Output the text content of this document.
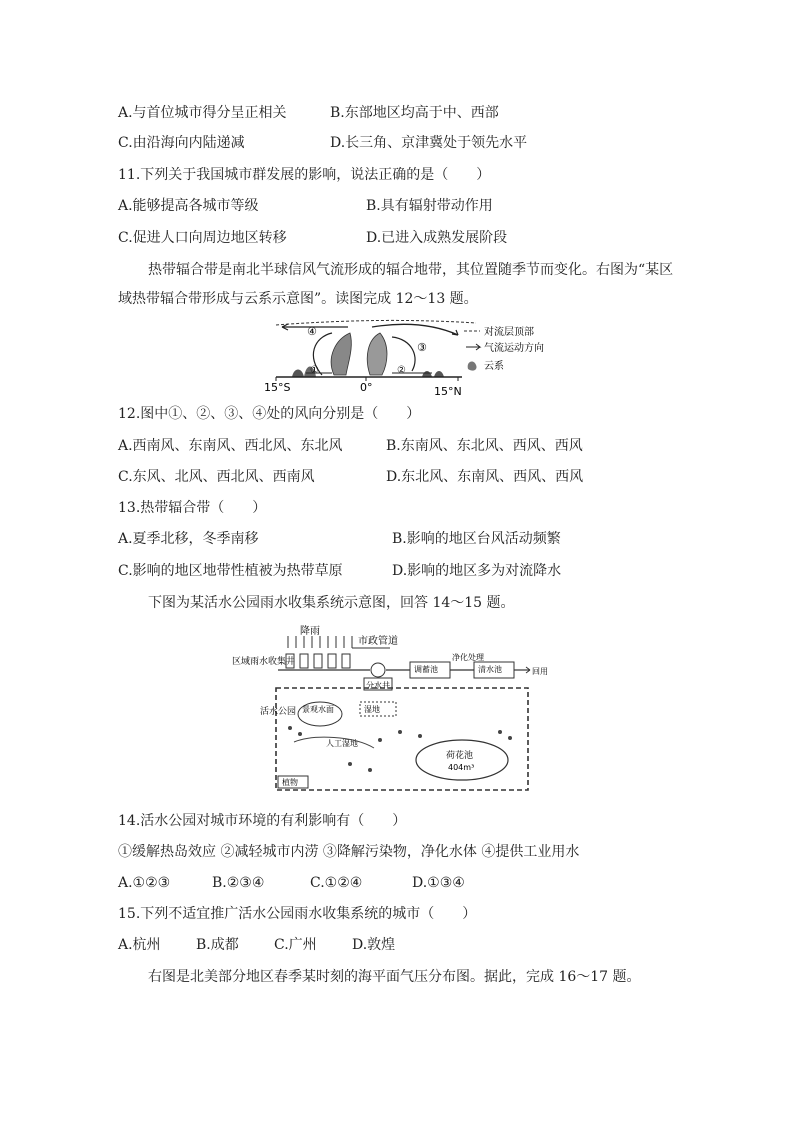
A.与首位城市得分呈正相关	B.东部地区均高于中、西部
C.由沿海向内陆递减	D.长三角、京津冀处于领先水平
11.下列关于我国城市群发展的影响，说法正确的是（　　）
A.能够提高各城市等级	B.具有辐射带动作用
C.促进人口向周边地区转移	D.已进入成熟发展阶段
热带辐合带是南北半球信风气流形成的辐合地带，其位置随季节而变化。右图为“某区
域热带辐合带形成与云系示意图”。读图完成 12～13 题。
④
①	②
③
15°S	0°	15°N
对流层顶部
气流运动方向
云系
12.图中①、②、③、④处的风向分别是（　　）
A.西南风、东南风、西北风、东北风	B.东南风、东北风、西风、西风
C.东风、北风、西北风、西南风	D.东北风、东南风、西风、西风
13.热带辐合带（　　）
A.夏季北移，冬季南移	B.影响的地区台风活动频繁
C.影响的地区地带性植被为热带草原	D.影响的地区多为对流降水
下图为某活水公园雨水收集系统示意图，回答 14～15 题。
降雨
市政管道
区域雨水收集井
分水井
调蓄池
净化处理
清水池	回用
活水公园 景观水面	湿地
人工湿地
荷花池
404m³
植物
14.活水公园对城市环境的有利影响有（　　）
①缓解热岛效应 ②减轻城市内涝 ③降解污染物，净化水体 ④提供工业用水
A.①②③	B.②③④	C.①②④	D.①③④
15.下列不适宜推广活水公园雨水收集系统的城市（　　）
A.杭州	B.成都	C.广州	D.敦煌
右图是北美部分地区春季某时刻的海平面气压分布图。据此，完成 16～17 题。
